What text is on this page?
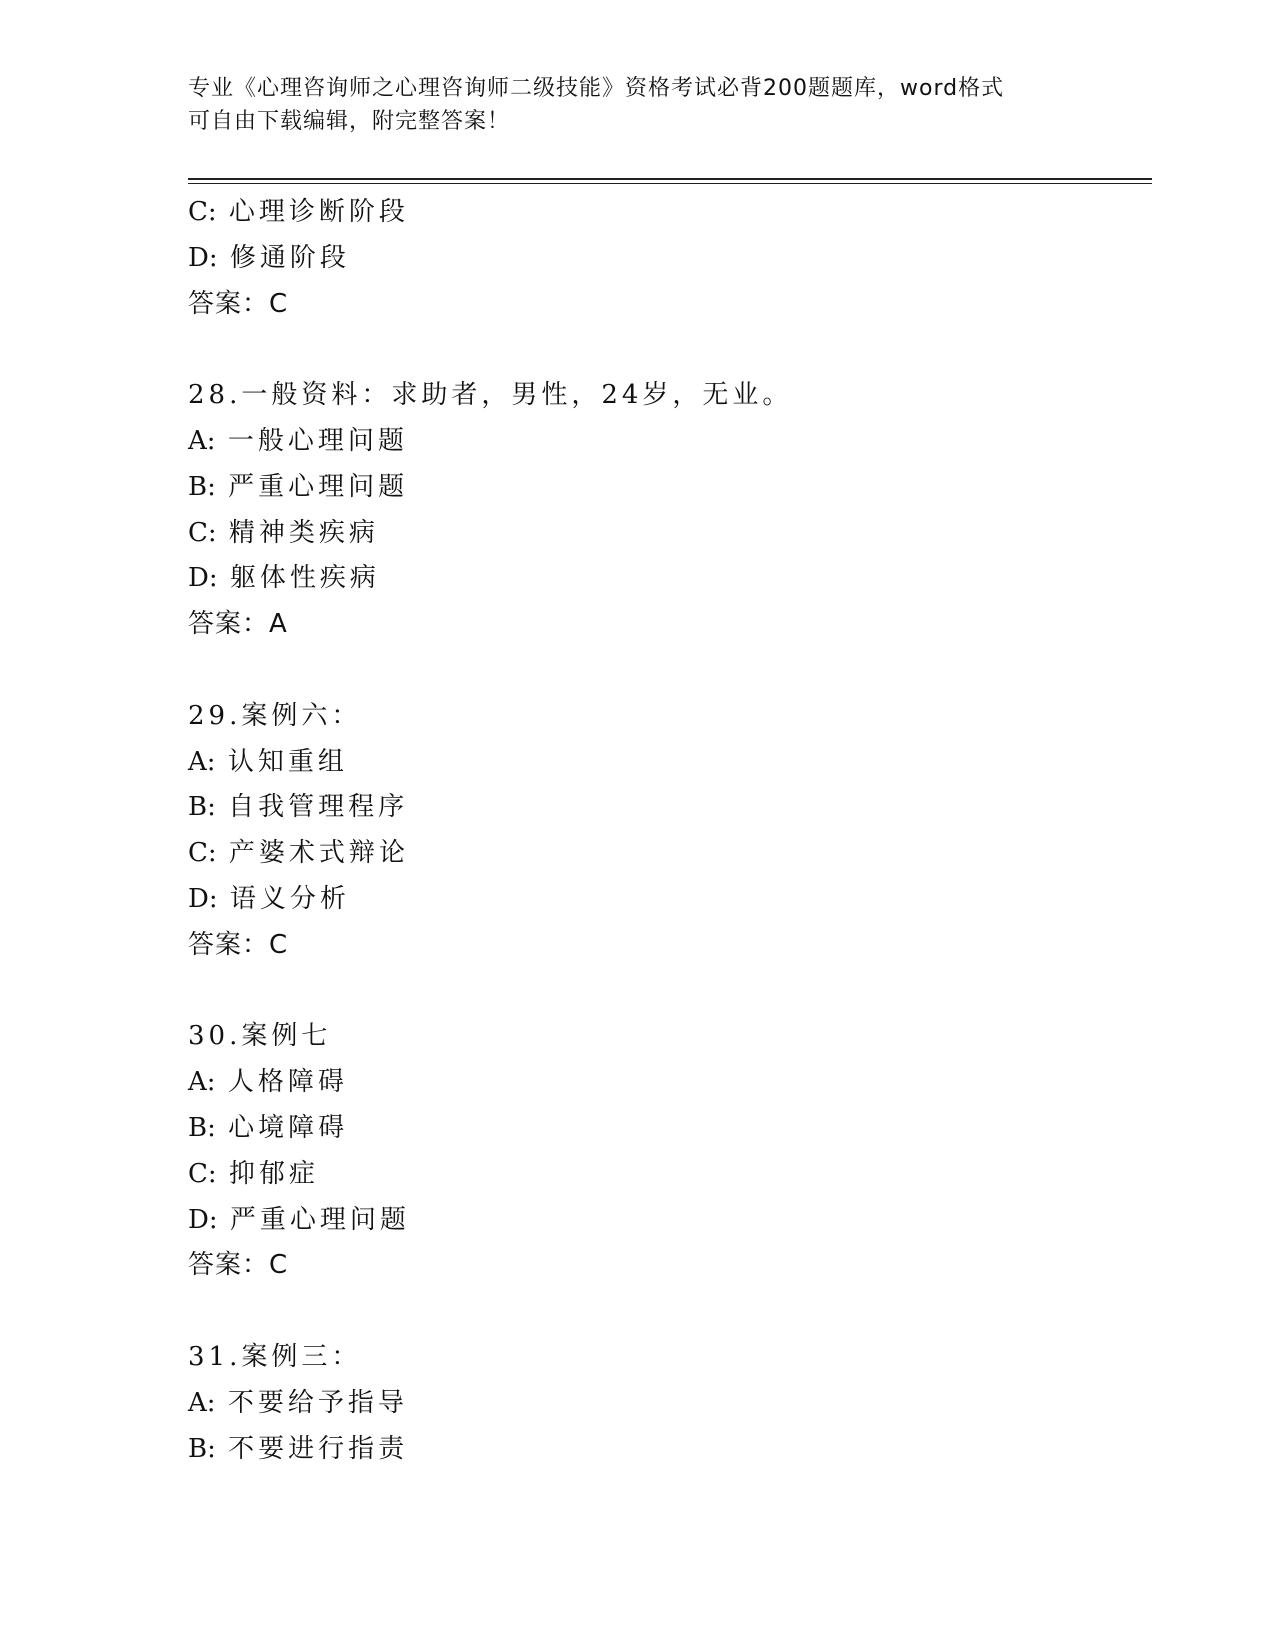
专业《心理咨询师之心理咨询师二级技能》资格考试必背200题题库，word格式
可自由下载编辑，附完整答案！
C: 心理诊断阶段
D: 修通阶段
答案：C
28.一般资料：求助者，男性，24岁，无业。
A: 一般心理问题
B: 严重心理问题
C: 精神类疾病
D: 躯体性疾病
答案：A
29.案例六：
A: 认知重组
B: 自我管理程序
C: 产婆术式辩论
D: 语义分析
答案：C
30.案例七
A: 人格障碍
B: 心境障碍
C: 抑郁症
D: 严重心理问题
答案：C
31.案例三：
A: 不要给予指导
B: 不要进行指责
